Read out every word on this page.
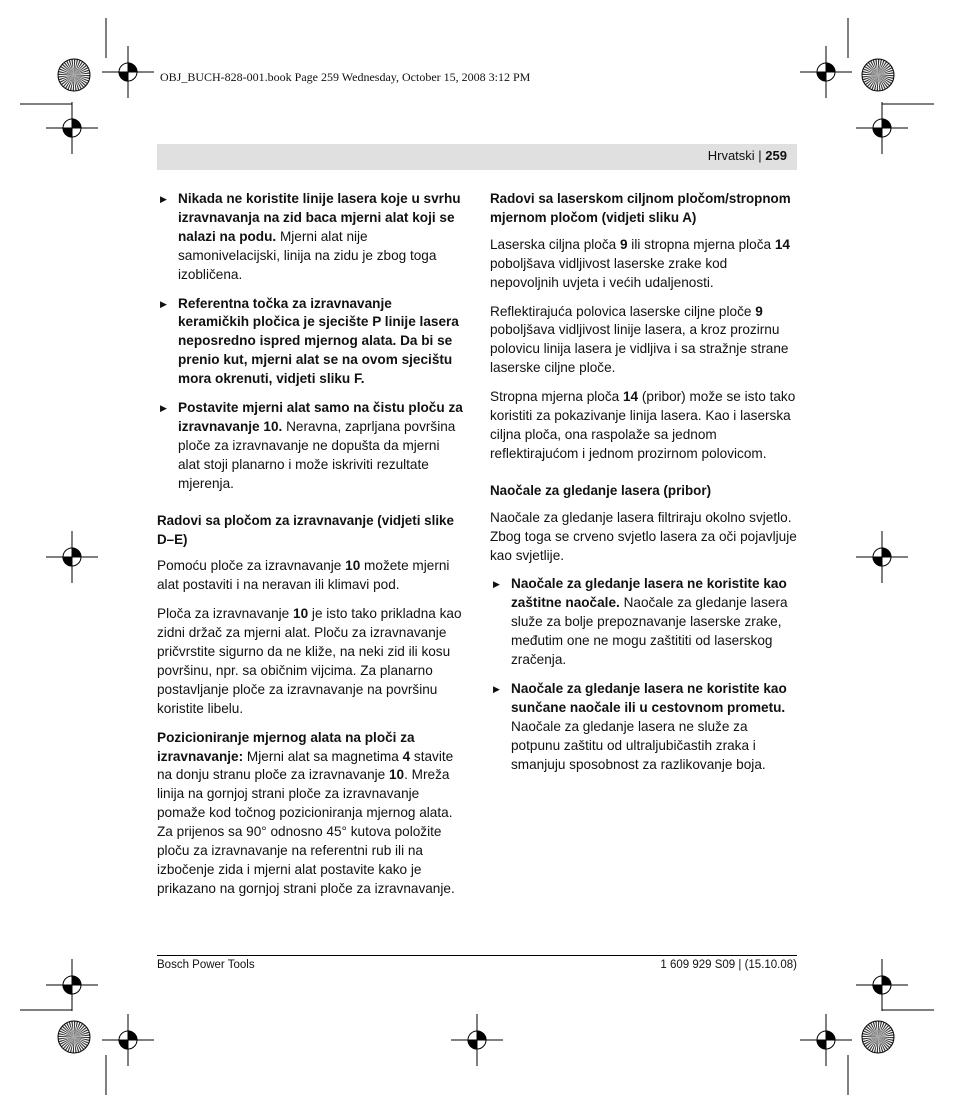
OBJ_BUCH-828-001.book Page 259 Wednesday, October 15, 2008 3:12 PM
Hrvatski | 259
▶ Nikada ne koristite linije lasera koje u svrhu izravnavanja na zid baca mjerni alat koji se nalazi na podu. Mjerni alat nije samonivelacijski, linija na zidu je zbog toga izobličena.
▶ Referentna točka za izravnavanje keramičkih pločica je sjecište P linije lasera neposredno ispred mjernog alata. Da bi se prenio kut, mjerni alat se na ovom sjecištu mora okrenuti, vidjeti sliku F.
▶ Postavite mjerni alat samo na čistu ploču za izravnavanje 10. Neravna, zaprljana površina ploče za izravnavanje ne dopušta da mjerni alat stoji planarno i može iskriviti rezultate mjerenja.
Radovi sa pločom za izravnavanje (vidjeti slike D–E)

Pomoću ploče za izravnavanje 10 možete mjerni alat postaviti i na neravan ili klimavi pod.

Ploča za izravnavanje 10 je isto tako prikladna kao zidni držač za mjerni alat. Ploču za izravnavanje pričvrstite sigurno da ne kliže, na neki zid ili kosu površinu, npr. sa običnim vijcima. Za planarno postavljanje ploče za izravnavanje na površinu koristite libelu.

Pozicioniranje mjernog alata na ploči za izravnavanje: Mjerni alat sa magnetima 4 stavite na donju stranu ploče za izravnavanje 10. Mreža linija na gornjoj strani ploče za izravnavanje pomaže kod točnog pozicioniranja mjernog alata. Za prijenos sa 90° odnosno 45° kutova položite ploču za izravnavanje na referentni rub ili na izbočenje zida i mjerni alat postavite kako je prikazano na gornjoj strani ploče za izravnavanje.

Radovi sa laserskom ciljnom pločom/stropnom mjernom pločom (vidjeti sliku A)

Laserska ciljna ploča 9 ili stropna mjerna ploča 14 poboljšava vidljivost laserske zrake kod nepovoljnih uvjeta i većih udaljenosti.

Reflektirajuća polovica laserske ciljne ploče 9 poboljšava vidljivost linije lasera, a kroz prozirnu polovicu linija lasera je vidljiva i sa stražnje strane laserske ciljne ploče.

Stropna mjerna ploča 14 (pribor) može se isto tako koristiti za pokazivanje linija lasera. Kao i laserska ciljna ploča, ona raspolaže sa jednom reflektirajućom i jednom prozirnom polovicom.

Naočale za gledanje lasera (pribor)

Naočale za gledanje lasera filtriraju okolno svjetlo. Zbog toga se crveno svjetlo lasera za oči pojavljuje kao svjetlije.

▶ Naočale za gledanje lasera ne koristite kao zaštitne naočale. Naočale za gledanje lasera služe za bolje prepoznavanje laserske zrake, međutim one ne mogu zaštititi od laserskog zračenja.
▶ Naočale za gledanje lasera ne koristite kao sunčane naočale ili u cestovnom prometu. Naočale za gledanje lasera ne služe za potpunu zaštitu od ultraljubičastih zraka i smanjuju sposobnost za razlikovanje boja.
Bosch Power Tools	1 609 929 S09 | (15.10.08)
